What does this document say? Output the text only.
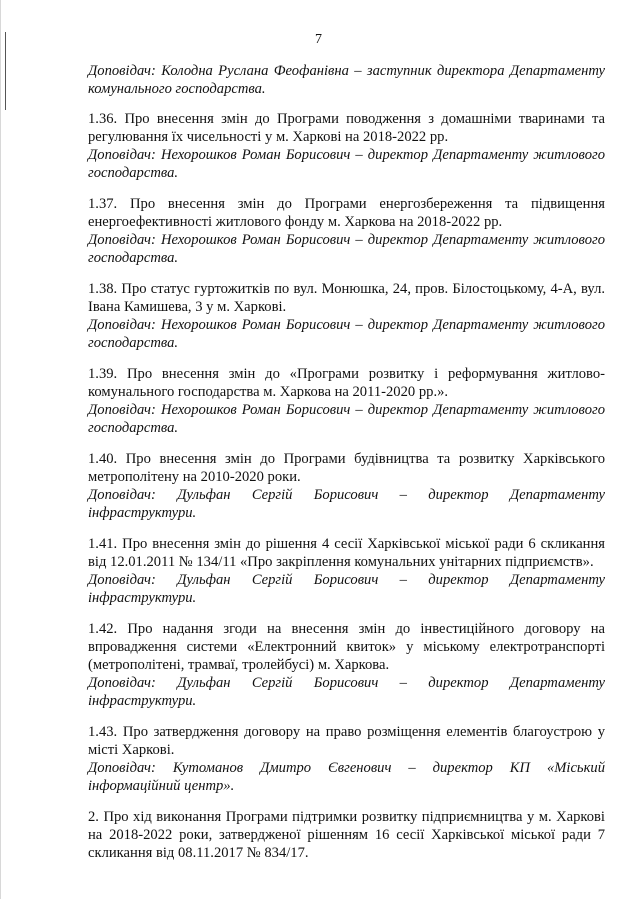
7

Доповідач: Колодна Руслана Феофанівна – заступник директора Департаменту комунального господарства.

1.36. Про внесення змін до Програми поводження з домашніми тваринами та регулювання їх чисельності у м. Харкові на 2018-2022 рр.

Доповідач: Нехорошков Роман Борисович – директор Департаменту житлового господарства.

1.37. Про внесення змін до Програми енергозбереження та підвищення енергоефективності житлового фонду м. Харкова на 2018-2022 рр.

Доповідач: Нехорошков Роман Борисович – директор Департаменту житлового господарства.

1.38. Про статус гуртожитків по вул. Монюшка, 24, пров. Білостоцькому, 4-А, вул. Івана Камишева, 3 у м. Харкові.

Доповідач: Нехорошков Роман Борисович – директор Департаменту житлового господарства.

1.39. Про внесення змін до «Програми розвитку і реформування житлово-комунального господарства м. Харкова на 2011-2020 рр.».

Доповідач: Нехорошков Роман Борисович – директор Департаменту житлового господарства.

1.40. Про внесення змін до Програми будівництва та розвитку Харківського метрополітену на 2010-2020 роки.

Доповідач: Дульфан Сергій Борисович – директор Департаменту інфраструктури.

1.41. Про внесення змін до рішення 4 сесії Харківської міської ради 6 скликання від 12.01.2011 № 134/11 «Про закріплення комунальних унітарних підприємств».

Доповідач: Дульфан Сергій Борисович – директор Департаменту інфраструктури.

1.42. Про надання згоди на внесення змін до інвестиційного договору на впровадження системи «Електронний квиток» у міському електротранспорті (метрополітені, трамваї, тролейбусі) м. Харкова.

Доповідач: Дульфан Сергій Борисович – директор Департаменту інфраструктури.

1.43. Про затвердження договору на право розміщення елементів благоустрою у місті Харкові.

Доповідач: Кутоманов Дмитро Євгенович – директор КП «Міський інформаційний центр».

2. Про хід виконання Програми підтримки розвитку підприємництва у м. Харкові на 2018-2022 роки, затвердженої рішенням 16 сесії Харківської міської ради 7 скликання від 08.11.2017 № 834/17.
